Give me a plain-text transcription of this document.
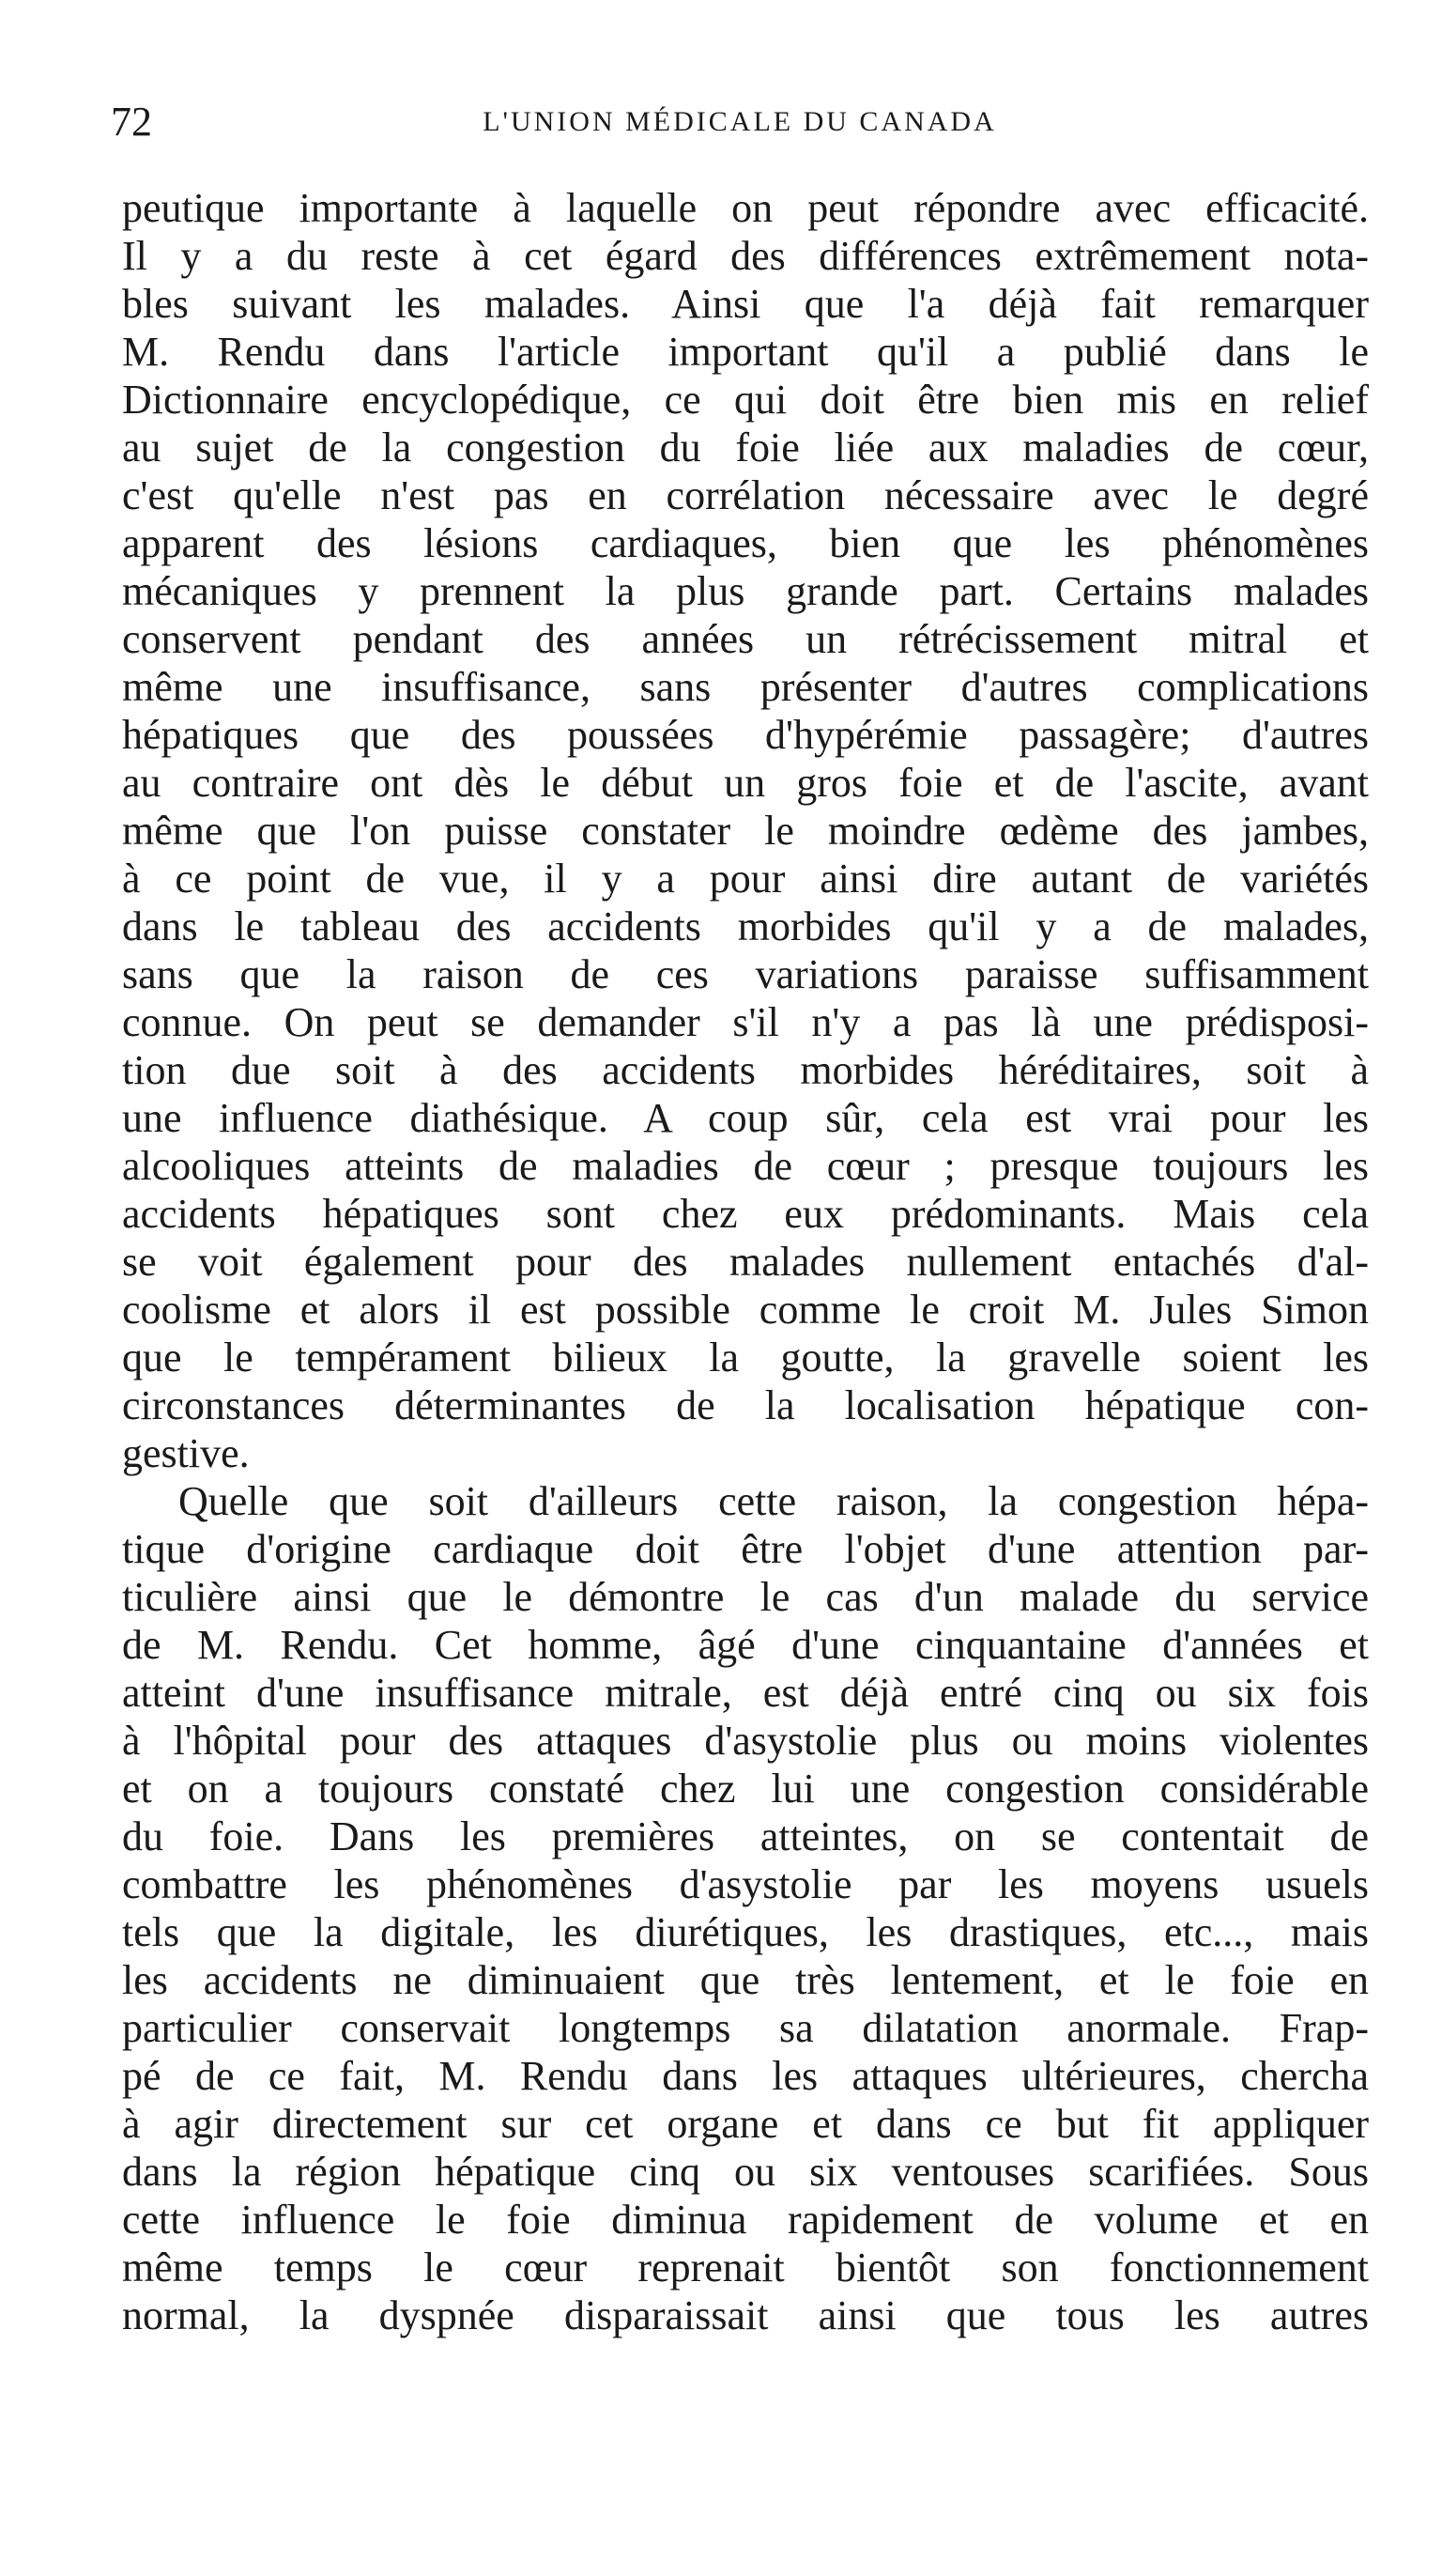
72	L'UNION MÉDICALE DU CANADA
peutique importante à laquelle on peut répondre avec efficacité.
Il y a du reste à cet égard des différences extrêmement nota-
bles suivant les malades. Ainsi que l'a déjà fait remarquer
M. Rendu dans l'article important qu'il a publié dans le
Dictionnaire encyclopédique, ce qui doit être bien mis en relief
au sujet de la congestion du foie liée aux maladies de cœur,
c'est qu'elle n'est pas en corrélation nécessaire avec le degré
apparent des lésions cardiaques, bien que les phénomènes
mécaniques y prennent la plus grande part. Certains malades
conservent pendant des années un rétrécissement mitral et
même une insuffisance, sans présenter d'autres complications
hépatiques que des poussées d'hypérémie passagère; d'autres
au contraire ont dès le début un gros foie et de l'ascite, avant
même que l'on puisse constater le moindre œdème des jambes,
à ce point de vue, il y a pour ainsi dire autant de variétés
dans le tableau des accidents morbides qu'il y a de malades,
sans que la raison de ces variations paraisse suffisamment
connue. On peut se demander s'il n'y a pas là une prédisposi-
tion due soit à des accidents morbides héréditaires, soit à
une influence diathésique. A coup sûr, cela est vrai pour les
alcooliques atteints de maladies de cœur ; presque toujours les
accidents hépatiques sont chez eux prédominants. Mais cela
se voit également pour des malades nullement entachés d'al-
coolisme et alors il est possible comme le croit M. Jules Simon
que le tempérament bilieux la goutte, la gravelle soient les
circonstances déterminantes de la localisation hépatique con-
gestive.
Quelle que soit d'ailleurs cette raison, la congestion hépa-
tique d'origine cardiaque doit être l'objet d'une attention par-
ticulière ainsi que le démontre le cas d'un malade du service
de M. Rendu. Cet homme, âgé d'une cinquantaine d'années et
atteint d'une insuffisance mitrale, est déjà entré cinq ou six fois
à l'hôpital pour des attaques d'asystolie plus ou moins violentes
et on a toujours constaté chez lui une congestion considérable
du foie. Dans les premières atteintes, on se contentait de
combattre les phénomènes d'asystolie par les moyens usuels
tels que la digitale, les diurétiques, les drastiques, etc..., mais
les accidents ne diminuaient que très lentement, et le foie en
particulier conservait longtemps sa dilatation anormale. Frap-
pé de ce fait, M. Rendu dans les attaques ultérieures, chercha
à agir directement sur cet organe et dans ce but fit appliquer
dans la région hépatique cinq ou six ventouses scarifiées. Sous
cette influence le foie diminua rapidement de volume et en
même temps le cœur reprenait bientôt son fonctionnement
normal, la dyspnée disparaissait ainsi que tous les autres
